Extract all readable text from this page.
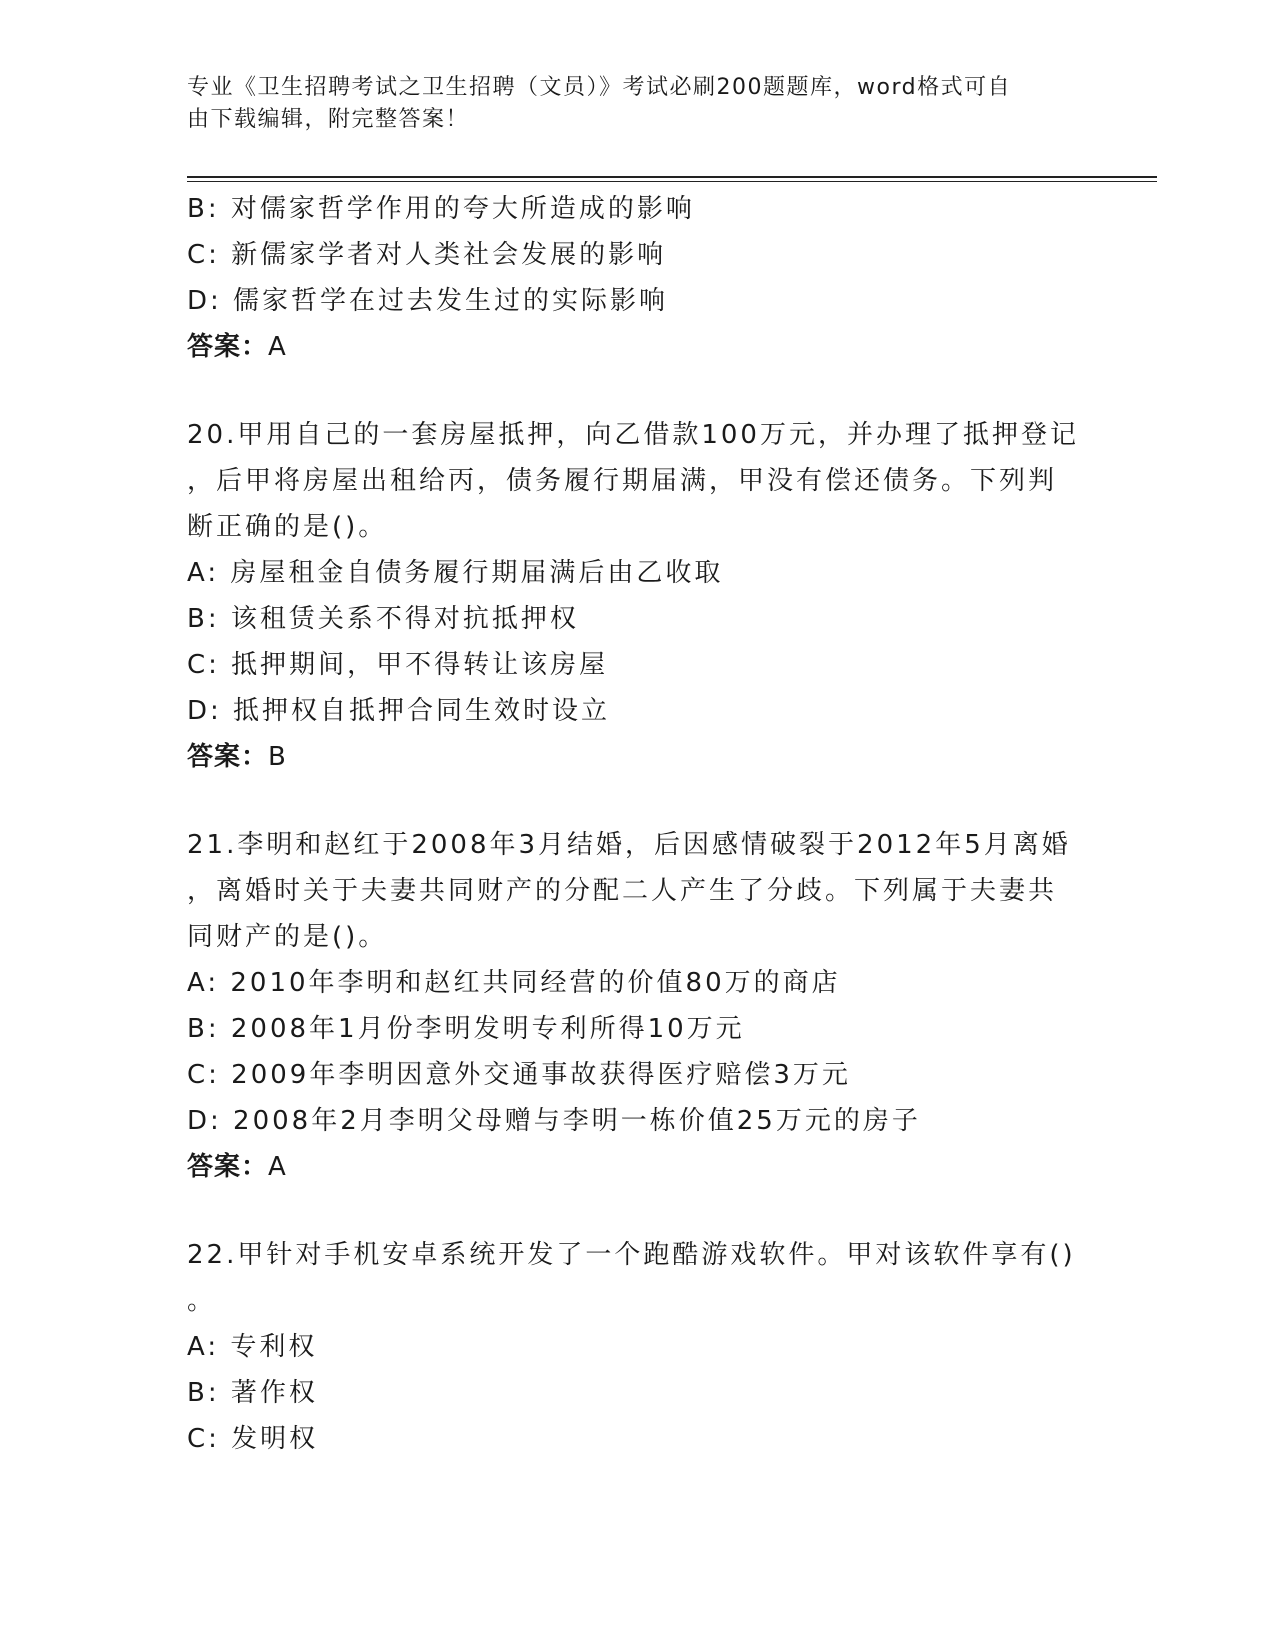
专业《卫生招聘考试之卫生招聘（文员）》考试必刷200题题库，word格式可自
由下载编辑，附完整答案！
B: 对儒家哲学作用的夸大所造成的影响
C: 新儒家学者对人类社会发展的影响
D: 儒家哲学在过去发生过的实际影响
答案：A
20.甲用自己的一套房屋抵押，向乙借款100万元，并办理了抵押登记
，后甲将房屋出租给丙，债务履行期届满，甲没有偿还债务。下列判
断正确的是()。
A: 房屋租金自债务履行期届满后由乙收取
B: 该租赁关系不得对抗抵押权
C: 抵押期间，甲不得转让该房屋
D: 抵押权自抵押合同生效时设立
答案：B
21.李明和赵红于2008年3月结婚，后因感情破裂于2012年5月离婚
，离婚时关于夫妻共同财产的分配二人产生了分歧。下列属于夫妻共
同财产的是()。
A: 2010年李明和赵红共同经营的价值80万的商店
B: 2008年1月份李明发明专利所得10万元
C: 2009年李明因意外交通事故获得医疗赔偿3万元
D: 2008年2月李明父母赠与李明一栋价值25万元的房子
答案：A
22.甲针对手机安卓系统开发了一个跑酷游戏软件。甲对该软件享有()
。
A: 专利权
B: 著作权
C: 发明权
